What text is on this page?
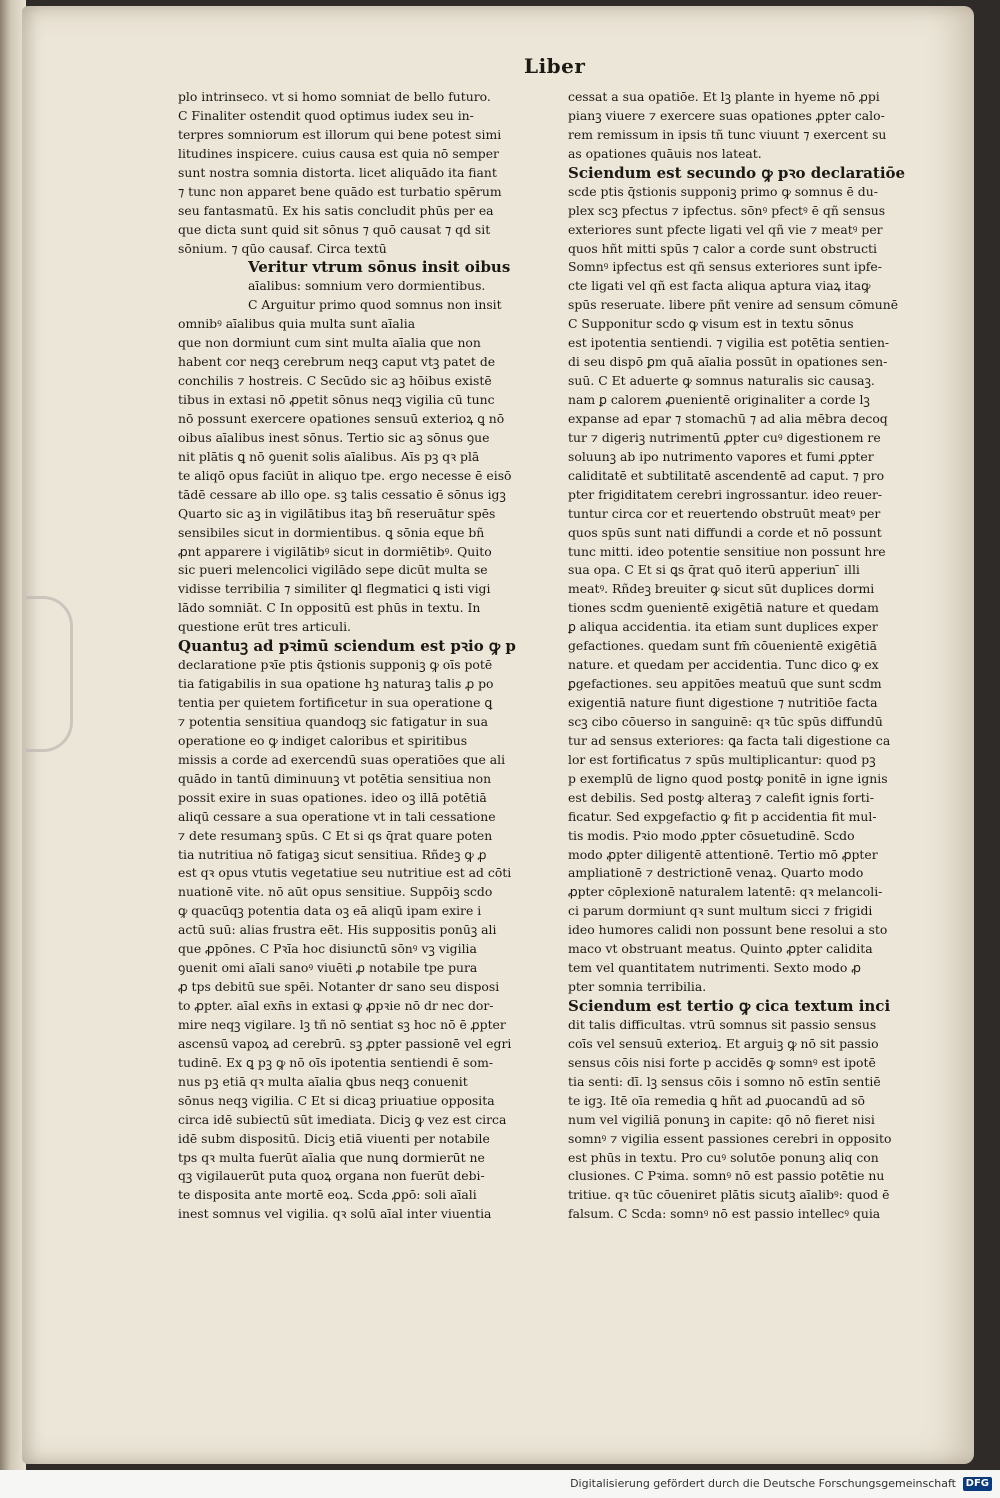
Liber
plo intrinseco. vt si homo somniat de bello futuro.
C Finaliter ostendit quod optimus iudex seu in-
terpres somniorum est illorum qui bene potest simi
litudines inspicere. cuius causa est quia nō semper
sunt nostra somnia distorta. licet aliquādo ita fiant
⁊ tunc non apparet bene quādo est turbatio spērum
seu fantasmatū. Ex his satis concludit phūs per ea
que dicta sunt quid sit sōnus ⁊ quō causat ⁊ qd sit
sōnium. ⁊ qūo causaf. Circa textū
Veritur vtrum sōnus insit oibus
aīalibus: somnium vero dormientibus.
C Arguitur primo quod somnus non insit
omnibꝰ aīalibus quia multa sunt aīalia
que non dormiunt cum sint multa aīalia que non
habent cor neqꝫ cerebrum neqꝫ caput vtꝫ patet de
conchilis ⁊ hostreis. C Secūdo sic aꝫ hōibus existē
tibus in extasi nō ꝓpetit sōnus neqꝫ vigilia cū tunc
nō possunt exercere opationes sensuū exterioꝝ ꝗ nō
oibus aīalibus inest sōnus. Tertio sic aꝫ sōnus ꝯue
nit plātis ꝗ nō ꝯuenit solis aīalibus. Aīs pꝫ qꝛ plā
te aliqō opus faciūt in aliquo tpe. ergo necesse ē eisō
tādē cessare ab illo ope. sꝫ talis cessatio ē sōnus igꝫ
Quarto sic aꝫ in vigilātibus itaꝫ bñ reseruātur spēs
sensibiles sicut in dormientibus. ꝗ sōnia eque bñ
ꝓnt apparere i vigilātibꝰ sicut in dormiētibꝰ. Quito
sic pueri melencolici vigilādo sepe dicūt multa se
vidisse terribilia ⁊ similiter ꝗl flegmatici ꝗ isti vigi
lādo somniāt. C In oppositū est phūs in textu. In
questione erūt tres articuli.
Quantuꝫ ad pꝛimū sciendum est pꝛio ꝙ p
declaratione pꝛīe ptis q̄stionis supponiꝫ ꝙ oīs potē
tia fatigabilis in sua opatione hꝫ naturaꝫ talis ꝓ po
tentia per quietem fortificetur in sua operatione ꝗ
⁊ potentia sensitiua quandoqꝫ sic fatigatur in sua
operatione eo ꝙ indiget caloribus et spiritibus
missis a corde ad exercendū suas operatiōes que ali
quādo in tantū diminuunꝫ vt potētia sensitiua non
possit exire in suas opationes. ideo oꝫ illā potētiā
aliqū cessare a sua operatione vt in tali cessatione
⁊ dete resumanꝫ spūs. C Et si qs q̄rat quare poten
tia nutritiua nō fatigaꝫ sicut sensitiua. Rñdeꝫ ꝙ ꝓ
est qꝛ opus vtutis vegetatiue seu nutritiue est ad cōti
nuationē vite. nō aūt opus sensitiue. Suppōiꝫ scdo
ꝙ quacūqꝫ potentia data oꝫ eā aliqū ipam exire i
actū suū: alias frustra eēt. His suppositis ponūꝫ ali
que ꝓpōnes. C Pꝛīa hoc disiunctū sōnꝰ vꝫ vigilia
ꝯuenit omi aīali sanoꝰ viuēti ꝓ notabile tpe pura
ꝓ tps debitū sue spēi. Notanter dr sano seu disposi
to ꝓpter. aīal exn̄s in extasi ꝙ ꝓpꝛie nō dr nec dor-
mire neqꝫ vigilare. lꝫ tñ nō sentiat sꝫ hoc nō ē ꝓpter
ascensū vapoꝝ ad cerebrū. sꝫ ꝓpter passionē vel egri
tudinē. Ex ꝗ pꝫ ꝙ nō oīs ipotentia sentiendi ē som-
nus pꝫ etiā qꝛ multa aīalia ꝗbus neqꝫ conuenit
sōnus neqꝫ vigilia. C Et si dicaꝫ priuatiue opposita
circa idē subiectū sūt imediata. Diciꝫ ꝙ vez est circa
idē subm dispositū. Diciꝫ etiā viuenti per notabile
tps qꝛ multa fuerūt aīalia que nunꝗ dormierūt ne
qꝫ vigilauerūt puta quoꝝ organa non fuerūt debi-
te disposita ante mortē eoꝝ. Scda ꝓpō: soli aīali
inest somnus vel vigilia. qꝛ solū aīal inter viuentia
cessat a sua opatiōe. Et lꝫ plante in hyeme nō ꝓpi
pianꝫ viuere ⁊ exercere suas opationes ꝓpter calo-
rem remissum in ipsis tñ tunc viuunt ⁊ exercent su
as opationes quāuis nos lateat.
Sciendum est secundo ꝙ pꝛo declaratiōe
scde ptis q̄stionis supponiꝫ primo ꝙ somnus ē du-
plex scꝫ pfectus ⁊ ipfectus. sōnꝰ pfectꝰ ē qñ sensus
exteriores sunt pfecte ligati vel qñ vie ⁊ meatꝰ per
quos hñt mitti spūs ⁊ calor a corde sunt obstructi
Somnꝰ ipfectus est qñ sensus exteriores sunt ipfe-
cte ligati vel qñ est facta aliqua aptura viaꝝ itaꝙ
spūs reseruate. libere pñt venire ad sensum cōmunē
C Supponitur scdo ꝙ visum est in textu sōnus
est ipotentia sentiendi. ⁊ vigilia est potētia sentien-
di seu dispō ꝑm quā aīalia possūt in opationes sen-
suū. C Et aduerte ꝙ somnus naturalis sic causaꝫ.
nam ꝑ calorem ꝓuenientē originaliter a corde lꝫ
expanse ad epar ⁊ stomachū ⁊ ad alia mēbra decoq
tur ⁊ digeriꝫ nutrimentū ꝓpter cuꝰ digestionem re
soluunꝫ ab ipo nutrimento vapores et fumi ꝓpter
caliditatē et subtilitatē ascendentē ad caput. ⁊ pro
pter frigiditatem cerebri ingrossantur. ideo reuer-
tuntur circa cor et reuertendo obstruūt meatꝰ per
quos spūs sunt nati diffundi a corde et nō possunt
tunc mitti. ideo potentie sensitiue non possunt hre
sua opa. C Et si ꝗs q̄rat quō iterū apperiun ̄ illi
meatꝰ. Rñdeꝫ breuiter ꝙ sicut sūt duplices dormi
tiones scdm ꝯuenientē exigētiā nature et quedam
ꝑ aliqua accidentia. ita etiam sunt duplices exper
gefactiones. quedam sunt fm̄ cōuenientē exigētiā
nature. et quedam per accidentia. Tunc dico ꝙ ex
ꝑgefactiones. seu appitōes meatuū que sunt scdm
exigentiā nature fiunt digestione ⁊ nutritiōe facta
scꝫ cibo cōuerso in sanguinē: qꝛ tūc spūs diffundū
tur ad sensus exteriores: ꝗa facta tali digestione ca
lor est fortificatus ⁊ spūs multiplicantur: quod pꝫ
p exemplū de ligno quod postꝙ ponitē in igne ignis
est debilis. Sed postꝙ alteraꝫ ⁊ calefit ignis forti-
ficatur. Sed expgefactio ꝙ fit p accidentia fit mul-
tis modis. Pꝛio modo ꝓpter cōsuetudinē. Scdo
modo ꝓpter diligentē attentionē. Tertio mō ꝓpter
ampliationē ⁊ destrictionē venaꝝ. Quarto modo
ꝓpter cōplexionē naturalem latentē: qꝛ melancoli-
ci parum dormiunt qꝛ sunt multum sicci ⁊ frigidi
ideo humores calidi non possunt bene resolui a sto
maco vt obstruant meatus. Quinto ꝓpter calidita
tem vel quantitatem nutrimenti. Sexto modo ꝓ
pter somnia terribilia.
Sciendum est tertio ꝙ cica textum inci
dit talis difficultas. vtrū somnus sit passio sensus
coīs vel sensuū exterioꝝ. Et arguiꝫ ꝙ nō sit passio
sensus cōis nisi forte p accidēs ꝙ somnꝰ est ipotē
tia senti: dī. lꝫ sensus cōis i somno nō estīn sentiē
te igꝫ. Itē oīa remedia ꝗ hñt ad ꝓuocandū ad sō
num vel vigiliā ponunꝫ in capite: qō nō fieret nisi
somnꝰ ⁊ vigilia essent passiones cerebri in opposito
est phūs in textu. Pro cuꝰ solutōe ponunꝫ aliq con
clusiones. C Pꝛima. somnꝰ nō est passio potētie nu
tritiue. qꝛ tūc cōueniret plātis sicutꝫ aīalibꝰ: quod ē
falsum. C Scda: somnꝰ nō est passio intellecꝰ quia
Digitalisierung gefördert durch die Deutsche Forschungsgemeinschaft DFG
